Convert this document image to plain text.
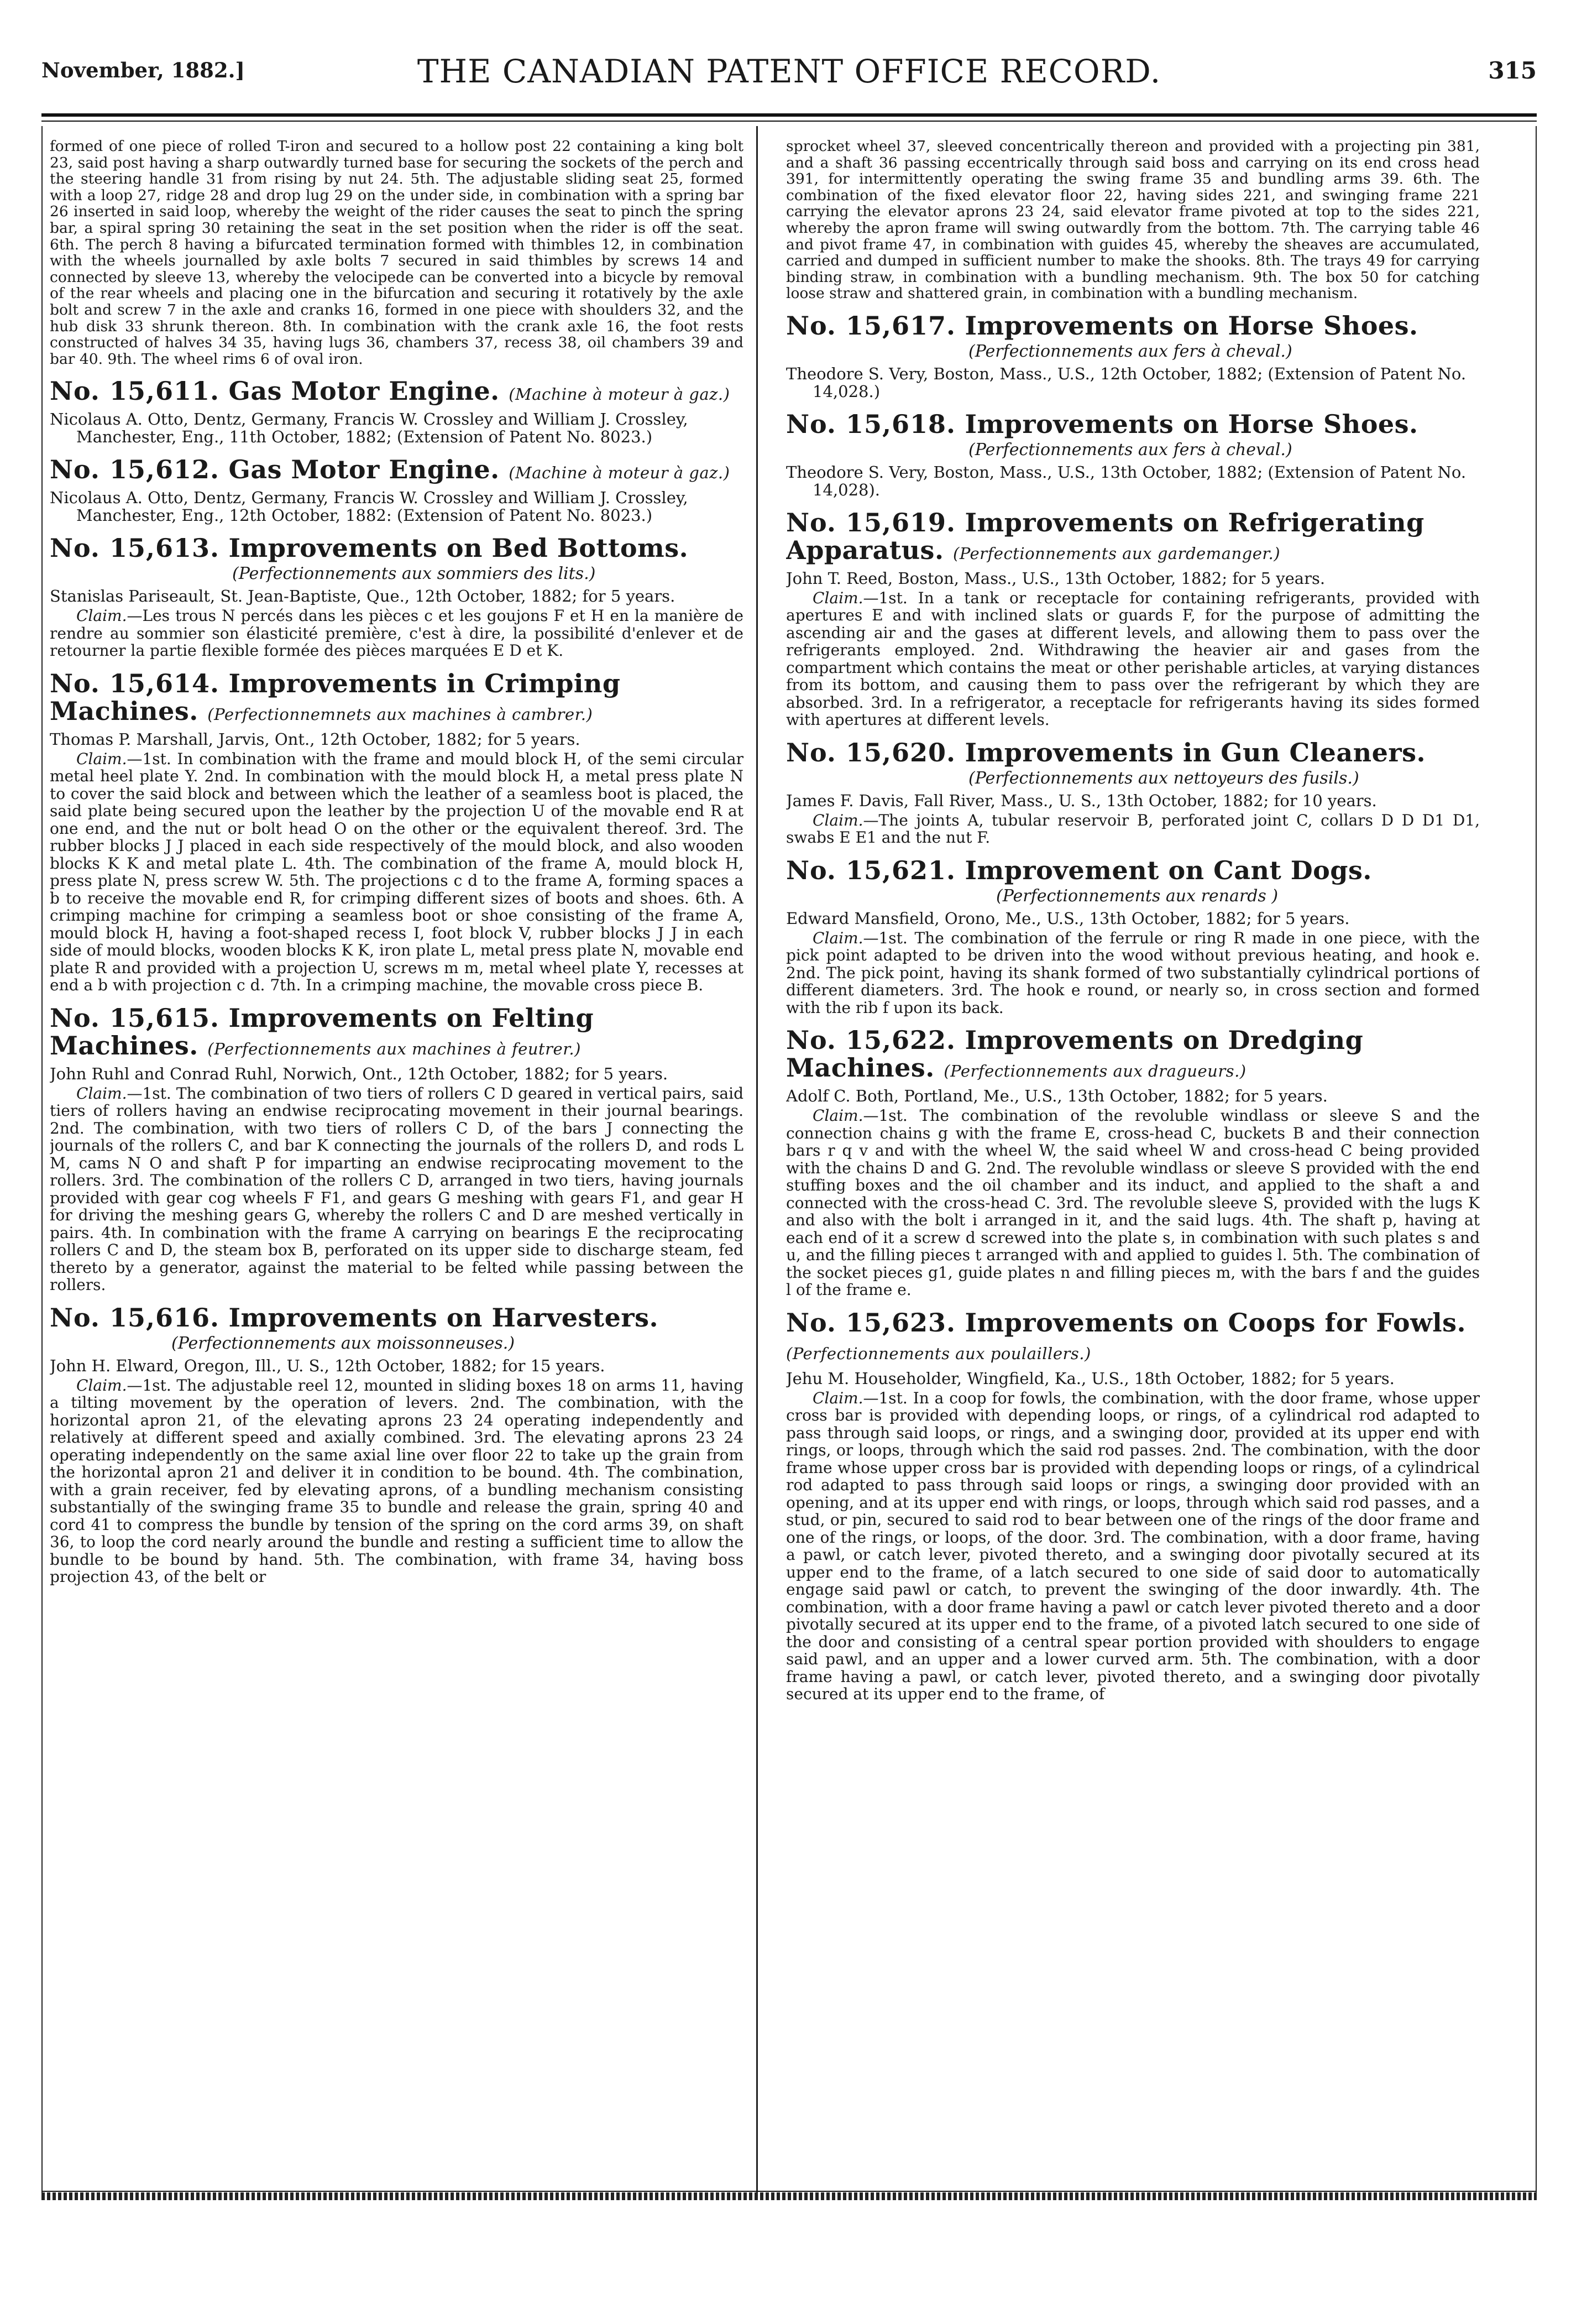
November, 1882.]	THE CANADIAN PATENT OFFICE RECORD.	315

formed of one piece of rolled T-iron and secured to a hollow post 22 containing a king bolt 23, said post having a sharp outwardly turned base for securing the sockets of the perch and the steering handle 31 from rising by nut 24. 5th. The adjustable sliding seat 25, formed with a loop 27, ridge 28 and drop lug 29 on the under side, in combination with a spring bar 26 inserted in said loop, whereby the weight of the rider causes the seat to pinch the spring bar, a spiral spring 30 retaining the seat in the set position when the rider is off the seat. 6th. The perch 8 having a bifurcated termination formed with thimbles 12, in combination with the wheels journalled by axle bolts 7 secured in said thimbles by screws 14 and connected by sleeve 13, whereby the velocipede can be converted into a bicycle by removal of the rear wheels and placing one in the bifurcation and securing it rotatively by the axle bolt and screw 7 in the axle and cranks 16, formed in one piece with shoulders 32, and the hub disk 33 shrunk thereon. 8th. In combination with the crank axle 16, the foot rests constructed of halves 34 35, having lugs 36, chambers 37, recess 38, oil chambers 39 and bar 40. 9th. The wheel rims 6 of oval iron.

No. 15,611. Gas Motor Engine. (Machine à moteur à gaz.)

Nicolaus A. Otto, Dentz, Germany, Francis W. Crossley and William J. Crossley, Manchester, Eng., 11th October, 1882; (Extension of Patent No. 8023.)

No. 15,612. Gas Motor Engine. (Machine à moteur à gaz.)

Nicolaus A. Otto, Dentz, Germany, Francis W. Crossley and William J. Crossley, Manchester, Eng., 12th October, 1882: (Extension of Patent No. 8023.)

No. 15,613. Improvements on Bed Bottoms.

(Perfectionnements aux sommiers des lits.)

Stanislas Pariseault, St. Jean-Baptiste, Que., 12th October, 1882; for 5 years.

Claim.—Les trous N percés dans les pièces c et les goujons F et H en la manière de rendre au sommier son élasticité première, c'est à dire, la possibilité d'enlever et de retourner la partie flexible formée des pièces marquées E D et K.

No. 15,614. Improvements in Crimping Machines. (Perfectionnemnets aux machines à cambrer.)

Thomas P. Marshall, Jarvis, Ont., 12th October, 1882; for 5 years.

Claim.—1st. In combination with the frame and mould block H, of the semi circular metal heel plate Y. 2nd. In combination with the mould block H, a metal press plate N to cover the said block and between which the leather of a seamless boot is placed, the said plate being secured upon the leather by the projection U of the movable end R at one end, and the nut or bolt head O on the other or the equivalent thereof. 3rd. The rubber blocks J J placed in each side respectively of the mould block, and also wooden blocks K K and metal plate L. 4th. The combination of the frame A, mould block H, press plate N, press screw W. 5th. The projections c d to the frame A, forming spaces a b to receive the movable end R, for crimping different sizes of boots and shoes. 6th. A crimping machine for crimping a seamless boot or shoe consisting of the frame A, mould block H, having a foot-shaped recess I, foot block V, rubber blocks J J in each side of mould blocks, wooden blocks K K, iron plate L, metal press plate N, movable end plate R and provided with a projection U, screws m m, metal wheel plate Y, recesses at end a b with projection c d. 7th. In a crimping machine, the movable cross piece B.

No. 15,615. Improvements on Felting Machines. (Perfectionnements aux machines à feutrer.)

John Ruhl and Conrad Ruhl, Norwich, Ont., 12th October, 1882; for 5 years.

Claim.—1st. The combination of two tiers of rollers C D geared in vertical pairs, said tiers of rollers having an endwise reciprocating movement in their journal bearings. 2nd. The combination, with two tiers of rollers C D, of the bars J connecting the journals of the rollers C, and bar K connecting the journals of the rollers D, and rods L M, cams N O and shaft P for imparting an endwise reciprocating movement to the rollers. 3rd. The combination of the rollers C D, arranged in two tiers, having journals provided with gear cog wheels F F1, and gears G meshing with gears F1, and gear H for driving the meshing gears G, whereby the rollers C and D are meshed vertically in pairs. 4th. In combination with the frame A carrying on bearings E the reciprocating rollers C and D, the steam box B, perforated on its upper side to discharge steam, fed thereto by a generator, against the material to be felted while passing between the rollers.

No. 15,616. Improvements on Harvesters.

(Perfectionnements aux moissonneuses.)

John H. Elward, Oregon, Ill., U. S., 12th October, 1882; for 15 years.

Claim.—1st. The adjustable reel 12, mounted in sliding boxes 18 on arms 11, having a tilting movement by the operation of levers. 2nd. The combination, with the horizontal apron 21, of the elevating aprons 23 24 operating independently and relatively at different speed and axially combined. 3rd. The elevating aprons 23 24 operating independently on the same axial line over floor 22 to take up the grain from the horizontal apron 21 and deliver it in condition to be bound. 4th. The combination, with a grain receiver, fed by elevating aprons, of a bundling mechanism consisting substantially of the swinging frame 35 to bundle and release the grain, spring 40 and cord 41 to compress the bundle by tension of the spring on the cord arms 39, on shaft 36, to loop the cord nearly around the bundle and resting a sufficient time to allow the bundle to be bound by hand. 5th. The combination, with frame 34, having boss projection 43, of the belt or

sprocket wheel 37, sleeved concentrically thereon and provided with a projecting pin 381, and a shaft 36 passing eccentrically through said boss and carrying on its end cross head 391, for intermittently operating the swing frame 35 and bundling arms 39. 6th. The combination of the fixed elevator floor 22, having sides 221, and swinging frame 221 carrying the elevator aprons 23 24, said elevator frame pivoted at top to the sides 221, whereby the apron frame will swing outwardly from the bottom. 7th. The carrying table 46 and pivot frame 47, in combination with guides 45, whereby the sheaves are accumulated, carried and dumped in sufficient number to make the shooks. 8th. The trays 49 for carrying binding straw, in combination with a bundling mechanism. 9th. The box 50 for catching loose straw and shattered grain, in combination with a bundling mechanism.

No. 15,617. Improvements on Horse Shoes.

(Perfectionnements aux fers à cheval.)

Theodore S. Very, Boston, Mass., U.S., 12th October, 1882; (Extension of Patent No. 14,028.)

No. 15,618. Improvements on Horse Shoes.

(Perfectionnements aux fers à cheval.)

Theodore S. Very, Boston, Mass., U.S., 13th October, 1882; (Extension of Patent No. 14,028).

No. 15,619. Improvements on Refrigerating Apparatus. (Perfectionnements aux gardemanger.)

John T. Reed, Boston, Mass., U.S., 13th October, 1882; for 5 years.

Claim.—1st. In a tank or receptacle for containing refrigerants, provided with apertures E and with inclined slats or guards F, for the purpose of admitting the ascending air and the gases at different levels, and allowing them to pass over the refrigerants employed. 2nd. Withdrawing the heavier air and gases from the compartment which contains the meat or other perishable articles, at varying distances from its bottom, and causing them to pass over the refrigerant by which they are absorbed. 3rd. In a refrigerator, a receptacle for refrigerants having its sides formed with apertures at different levels.

No. 15,620. Improvements in Gun Cleaners.

(Perfectionnements aux nettoyeurs des fusils.)

James F. Davis, Fall River, Mass., U. S., 13th October, 1882; for 10 years.

Claim.—The joints A, tubular reservoir B, perforated joint C, collars D D D1 D1, swabs E E1 and the nut F.

No. 15,621. Improvement on Cant Dogs.

(Perfectionnements aux renards )

Edward Mansfield, Orono, Me., U.S., 13th October, 1882; for 5 years.

Claim.—1st. The combination of the ferrule or ring R made in one piece, with the pick point adapted to be driven into the wood without previous heating, and hook e. 2nd. The pick point, having its shank formed of two substantially cylindrical portions of different diameters. 3rd. The hook e round, or nearly so, in cross section and formed with the rib f upon its back.

No. 15,622. Improvements on Dredging Machines. (Perfectionnements aux dragueurs.)

Adolf C. Both, Portland, Me., U.S., 13th October, 1882; for 5 years.

Claim.—1st. The combination of the revoluble windlass or sleeve S and the connection chains g with the frame E, cross-head C, buckets B and their connection bars r q v and with the wheel W, the said wheel W and cross-head C being provided with the chains D and G. 2nd. The revoluble windlass or sleeve S provided with the end stuffing boxes and the oil chamber and its induct, and applied to the shaft a and connected with the cross-head C. 3rd. The revoluble sleeve S, provided with the lugs K and also with the bolt i arranged in it, and the said lugs. 4th. The shaft p, having at each end of it a screw d screwed into the plate s, in combination with such plates s and u, and the filling pieces t arranged with and applied to guides l. 5th. The combination of the socket pieces g1, guide plates n and filling pieces m, with the bars f and the guides l of the frame e.

No. 15,623. Improvements on Coops for Fowls. (Perfectionnements aux poulaillers.)

Jehu M. Householder, Wingfield, Ka., U.S., 18th October, 1882; for 5 years.

Claim.—1st. In a coop for fowls, the combination, with the door frame, whose upper cross bar is provided with depending loops, or rings, of a cylindrical rod adapted to pass through said loops, or rings, and a swinging door, provided at its upper end with rings, or loops, through which the said rod passes. 2nd. The combination, with the door frame whose upper cross bar is provided with depending loops or rings, of a cylindrical rod adapted to pass through said loops or rings, a swinging door provided with an opening, and at its upper end with rings, or loops, through which said rod passes, and a stud, or pin, secured to said rod to bear between one of the rings of the door frame and one of the rings, or loops, of the door. 3rd. The combination, with a door frame, having a pawl, or catch lever, pivoted thereto, and a swinging door pivotally secured at its upper end to the frame, of a latch secured to one side of said door to automatically engage said pawl or catch, to prevent the swinging of the door inwardly. 4th. The combination, with a door frame having a pawl or catch lever pivoted thereto and a door pivotally secured at its upper end to the frame, of a pivoted latch secured to one side of the door and consisting of a central spear portion provided with shoulders to engage said pawl, and an upper and a lower curved arm. 5th. The combination, with a door frame having a pawl, or catch lever, pivoted thereto, and a swinging door pivotally secured at its upper end to the frame, of
